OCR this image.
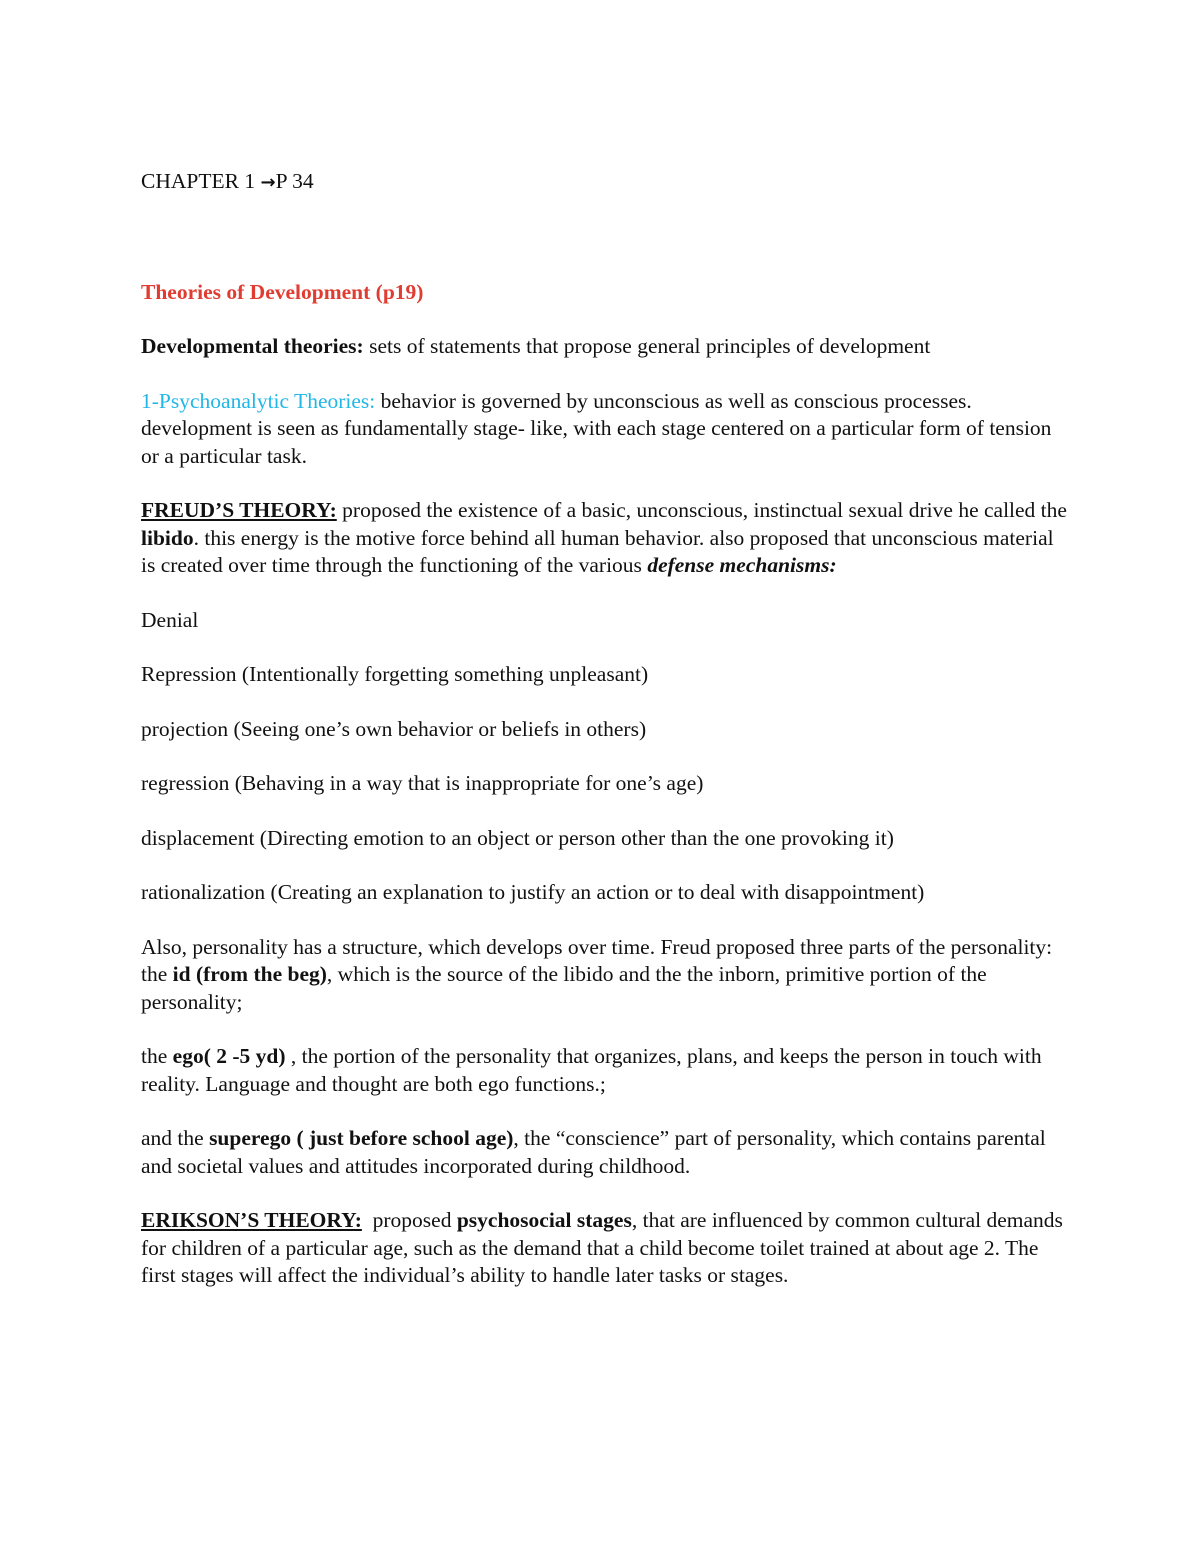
CHAPTER 1 →P 34

Theories of Development (p19)

Developmental theories: sets of statements that propose general principles of development

1-Psychoanalytic Theories: behavior is governed by unconscious as well as conscious processes. development is seen as fundamentally stage- like, with each stage centered on a particular form of tension or a particular task.

FREUD’S THEORY: proposed the existence of a basic, unconscious, instinctual sexual drive he called the libido. this energy is the motive force behind all human behavior. also proposed that unconscious material is created over time through the functioning of the various defense mechanisms:

Denial

Repression (Intentionally forgetting something unpleasant)

projection (Seeing one’s own behavior or beliefs in others)

regression (Behaving in a way that is inappropriate for one’s age)

displacement (Directing emotion to an object or person other than the one provoking it)

rationalization (Creating an explanation to justify an action or to deal with disappointment)

Also, personality has a structure, which develops over time. Freud proposed three parts of the personality: the id (from the beg), which is the source of the libido and the the inborn, primitive portion of the personality;

the ego( 2 -5 yd) , the portion of the personality that organizes, plans, and keeps the person in touch with reality. Language and thought are both ego functions.;

and the superego ( just before school age), the “conscience” part of personality, which contains parental and societal values and attitudes incorporated during childhood.

ERIKSON’S THEORY:  proposed psychosocial stages, that are influenced by common cultural demands for children of a particular age, such as the demand that a child become toilet trained at about age 2. The first stages will affect the individual’s ability to handle later tasks or stages.
